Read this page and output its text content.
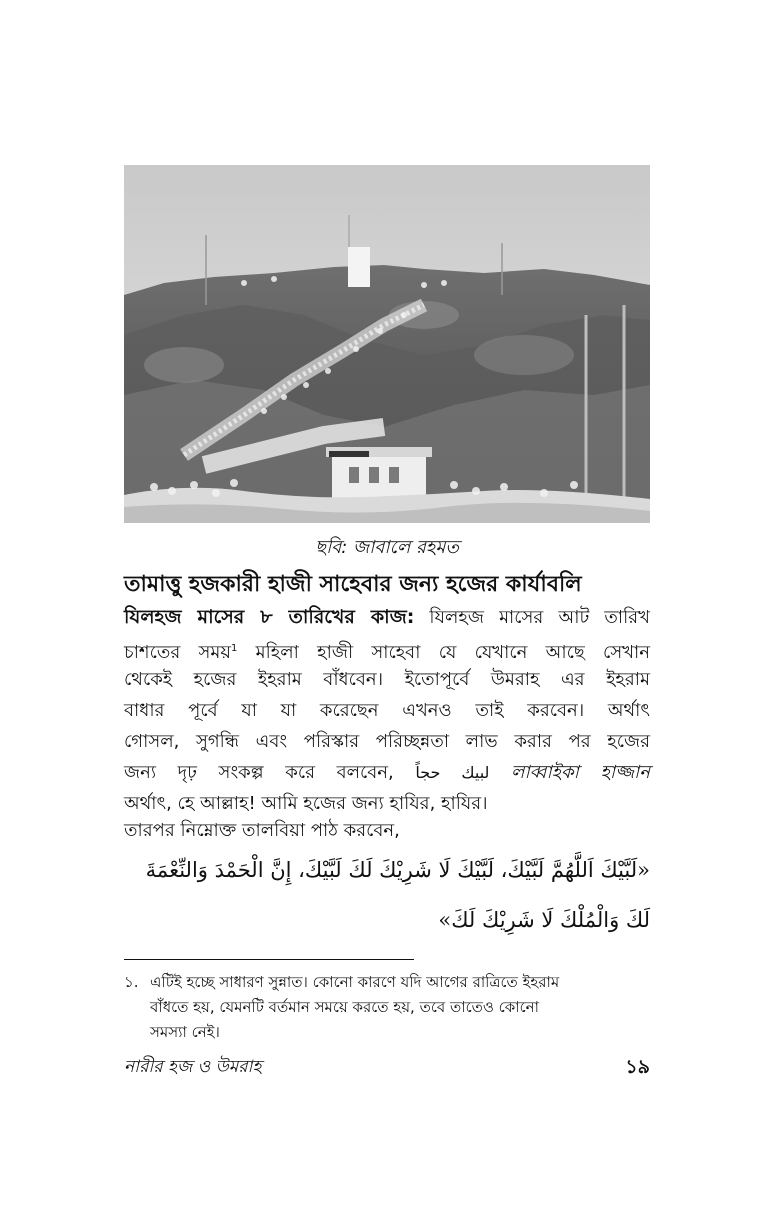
ছবি: জাবালে রহমত
তামাত্তু হজকারী হাজী সাহেবার জন্য হজের কার্যাবলি
যিলহজ মাসের ৮ তারিখের কাজ: যিলহজ মাসের আট তারিখ
চাশতের সময়$^1$ মহিলা হাজী সাহেবা যে যেখানে আছে সেখান
থেকেই হজের ইহরাম বাঁধবেন। ইতোপূর্বে উমরাহ এর ইহরাম
বাধার পূর্বে যা যা করেছেন এখনও তাই করবেন। অর্থাৎ
গোসল, সুগন্ধি এবং পরিস্কার পরিচ্ছন্নতা লাভ করার পর হজের
জন্য দৃঢ় সংকল্প করে বলবেন, لبيك حجاً লাব্বাইকা হাজ্জান
অর্থাৎ, হে আল্লাহ! আমি হজের জন্য হাযির, হাযির।
তারপর নিম্নোক্ত তালবিয়া পাঠ করবেন,
«لَبَّيْكَ اَللَّهُمَّ لَبَّيْكَ، لَبَّيْكَ لَا شَرِيْكَ لَكَ لَبَّيْكَ، إِنَّ الْحَمْدَ وَالنِّعْمَةَ
لَكَ وَالْمُلْكَ لَا شَرِيْكَ لَكَ»
১. এটিই হচ্ছে সাধারণ সুন্নাত। কোনো কারণে যদি আগের রাত্রিতে ইহরাম
বাঁধতে হয়, যেমনটি বর্তমান সময়ে করতে হয়, তবে তাতেও কোনো
সমস্যা নেই।
নারীর হজ ও উমরাহ	১৯
